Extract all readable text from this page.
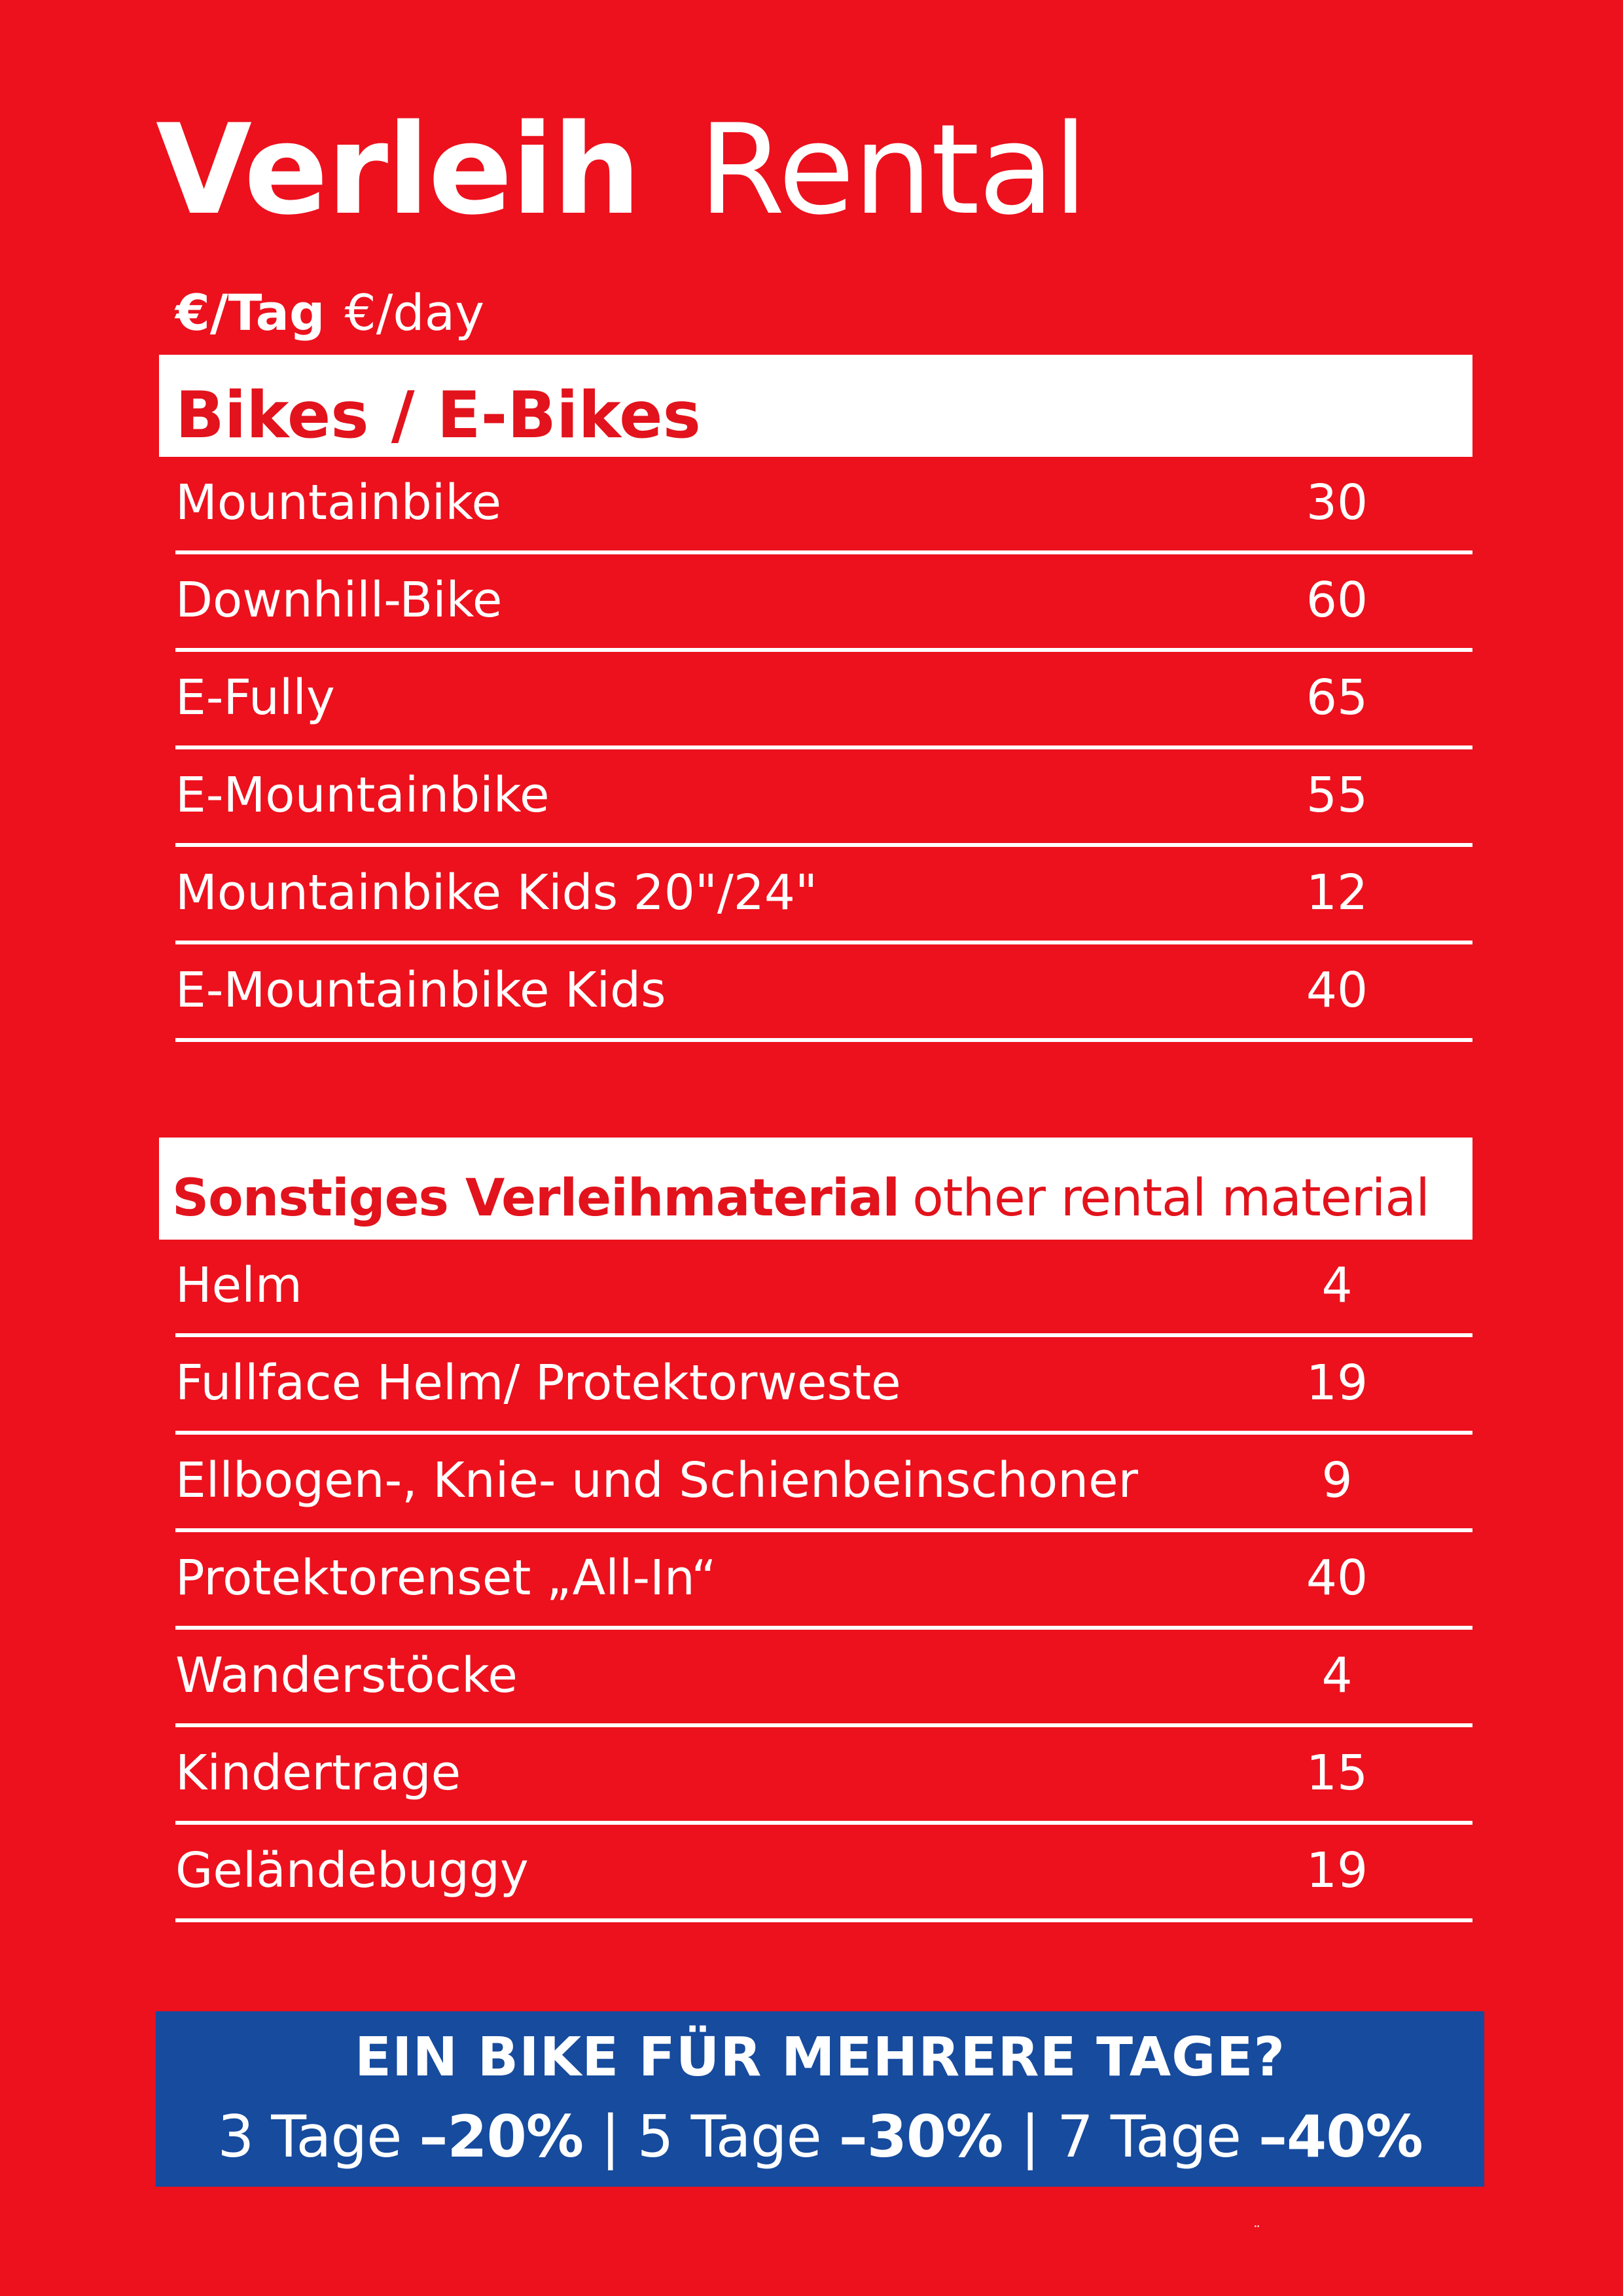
Verleih Rental
€/Tag €/day
Bikes / E-Bikes
Mountainbike	30
Downhill-Bike	60
E-Fully	65
E-Mountainbike	55
Mountainbike Kids 20"/24"	12
E-Mountainbike Kids	40
Sonstiges Verleihmaterial other rental material
Helm	4
Fullface Helm/ Protektorweste	19
Ellbogen-, Knie- und Schienbeinschoner	9
Protektorenset „All-In“	40
Wanderstöcke	4
Kindertrage	15
Geländebuggy	19
EIN BIKE FÜR MEHRERE TAGE?
3 Tage –20% | 5 Tage –30% | 7 Tage –40%
¨
